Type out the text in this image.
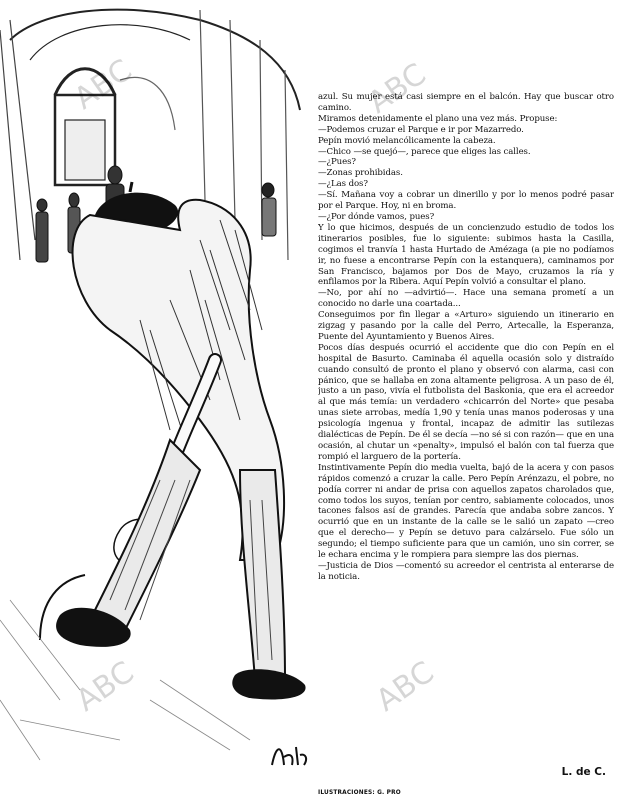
ABC	ABC
ABC	ABC

azul. Su mujer está casi siempre en el balcón. Hay que buscar otro camino.

Miramos detenidamente el plano una vez más. Propuse:

—Podemos cruzar el Parque e ir por Mazarredo.

Pepín movió melancólicamente la cabeza.

—Chico —se quejó—, parece que eliges las calles.

—¿Pues?

—Zonas prohibidas.

—¿Las dos?

—Sí. Mañana voy a cobrar un dinerillo y por lo menos podré pasar por el Parque. Hoy, ni en broma.

—¿Por dónde vamos, pues?

Y lo que hicimos, después de un concienzudo estudio de todos los itinerarios posibles, fue lo siguiente: subimos hasta la Casilla, cogimos el tranvía 1 hasta Hurtado de Amézaga (a pie no podíamos ir, no fuese a encontrarse Pepín con la estanquera), caminamos por San Francisco, bajamos por Dos de Mayo, cruzamos la ría y enfilamos por la Ribera. Aquí Pepín volvió a consultar el plano.

—No, por ahí no —advirtió—. Hace una semana prometí a un conocido no darle una coartada...

Conseguimos por fin llegar a «Arturo» siguiendo un itinerario en zigzag y pasando por la calle del Perro, Artecalle, la Esperanza, Puente del Ayuntamiento y Buenos Aires.

Pocos días después ocurrió el accidente que dio con Pepín en el hospital de Basurto. Caminaba él aquella ocasión solo y distraído cuando consultó de pronto el plano y observó con alarma, casi con pánico, que se hallaba en zona altamente peligrosa. A un paso de él, justo a un paso, vivía el futbolista del Baskonia, que era el acreedor al que más temía: un verdadero «chicarrón del Norte» que pesaba unas siete arrobas, medía 1,90 y tenía unas manos poderosas y una psicología ingenua y frontal, incapaz de admitir las sutilezas dialécticas de Pepín. De él se decía —no sé si con razón— que en una ocasión, al chutar un «penalty», impulsó el balón con tal fuerza que rompió el larguero de la portería.

Instintivamente Pepín dio media vuelta, bajó de la acera y con pasos rápidos comenzó a cruzar la calle. Pero Pepín Arénzazu, el pobre, no podía correr ni andar de prisa con aquellos zapatos charolados que, como todos los suyos, tenían por centro, sabiamente colocados, unos tacones falsos así de grandes. Parecía que andaba sobre zancos. Y ocurrió que en un instante de la calle se le salió un zapato —creo que el derecho— y Pepín se detuvo para calzárselo. Fue sólo un segundo; el tiempo suficiente para que un camión, uno sin correr, se le echara encima y le rompiera para siempre las dos piernas.

—Justicia de Dios —comentó su acreedor el centrista al enterarse de la noticia.

L. de C.
ILUSTRACIONES: G. PRO
